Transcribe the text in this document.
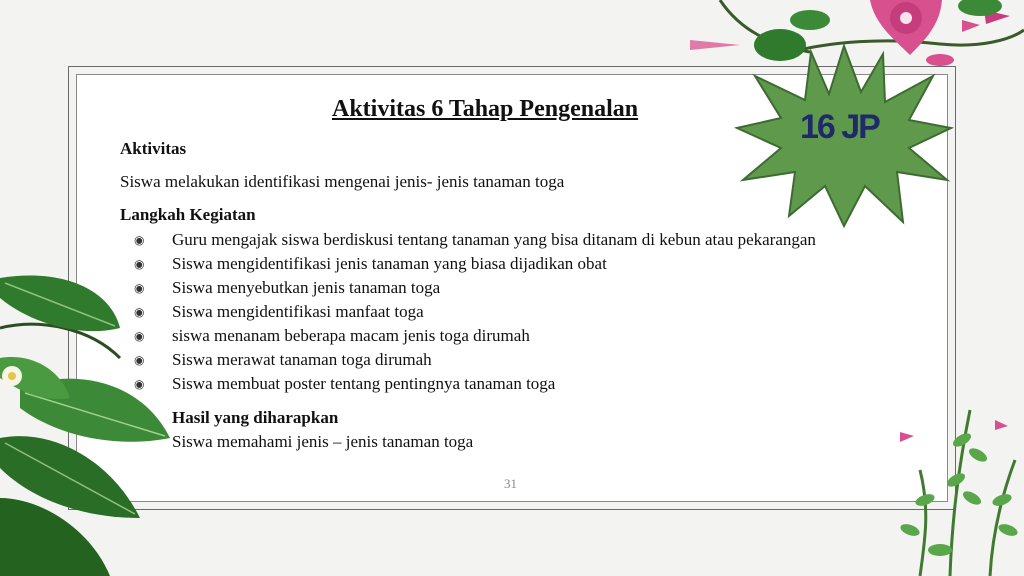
Aktivitas 6 Tahap Pengenalan
Aktivitas
Siswa melakukan identifikasi mengenai jenis- jenis tanaman toga
Langkah Kegiatan
◉ Guru mengajak siswa berdiskusi tentang tanaman yang bisa ditanam di kebun atau pekarangan
◉ Siswa mengidentifikasi jenis tanaman yang biasa dijadikan obat
◉ Siswa menyebutkan jenis tanaman toga
◉ Siswa mengidentifikasi manfaat toga
◉ siswa menanam beberapa macam jenis toga dirumah
◉ Siswa merawat tanaman toga dirumah
◉ Siswa membuat poster tentang pentingnya tanaman toga
Hasil yang diharapkan
Siswa memahami jenis – jenis tanaman toga
31
16 JP
